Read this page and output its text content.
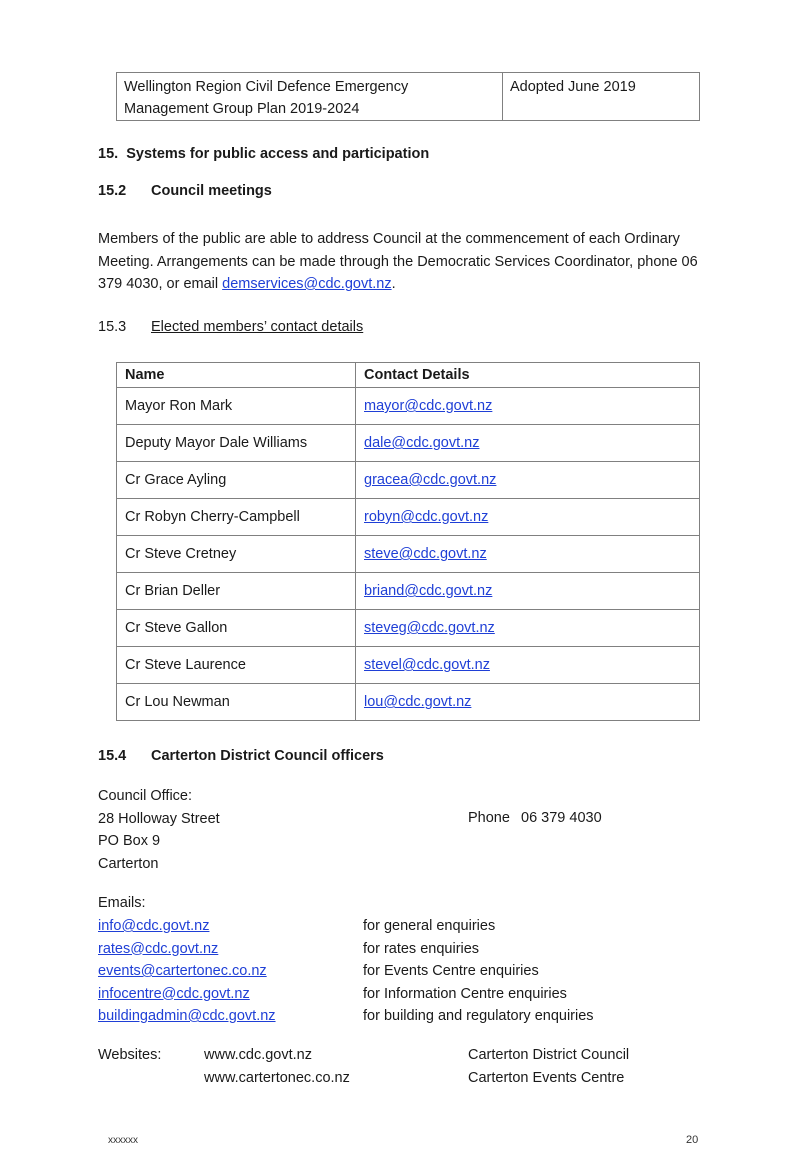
Wellington Region Civil Defence Emergency Management Group Plan 2019-2024	Adopted June 2019
15. Systems for public access and participation
15.2 Council meetings

Members of the public are able to address Council at the commencement of each Ordinary Meeting. Arrangements can be made through the Democratic Services Coordinator, phone 06 379 4030, or email demservices@cdc.govt.nz.

15.3 Elected members’ contact details
Name	Contact Details
Mayor Ron Mark	mayor@cdc.govt.nz
Deputy Mayor Dale Williams	dale@cdc.govt.nz
Cr Grace Ayling	gracea@cdc.govt.nz
Cr Robyn Cherry-Campbell	robyn@cdc.govt.nz
Cr Steve Cretney	steve@cdc.govt.nz
Cr Brian Deller	briand@cdc.govt.nz
Cr Steve Gallon	steveg@cdc.govt.nz
Cr Steve Laurence	stevel@cdc.govt.nz
Cr Lou Newman	lou@cdc.govt.nz
15.4 Carterton District Council officers
Council Office:
28 Holloway Street
PO Box 9
Carterton
Phone 06 379 4030
Emails:
info@cdc.govt.nz	for general enquiries
rates@cdc.govt.nz	for rates enquiries
events@cartertonec.co.nz	for Events Centre enquiries
infocentre@cdc.govt.nz	for Information Centre enquiries
buildingadmin@cdc.govt.nz	for building and regulatory enquiries
Websites:	www.cdc.govt.nz	Carterton District Council
www.cartertonec.co.nz	Carterton Events Centre
xxxxxx	20
